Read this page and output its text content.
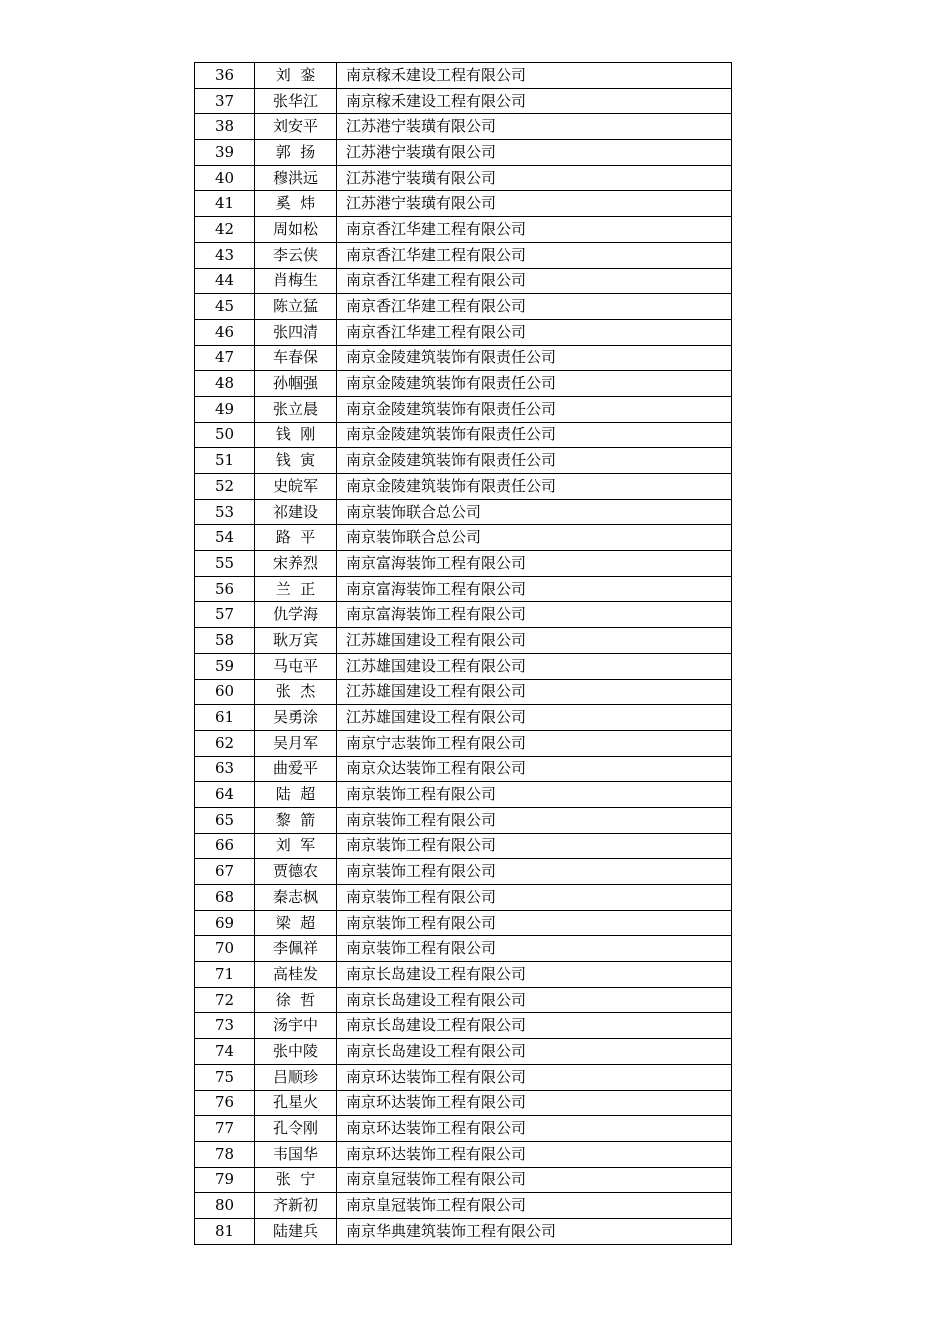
36	刘  銮	南京稼禾建设工程有限公司
37	张华江	南京稼禾建设工程有限公司
38	刘安平	江苏港宁装璜有限公司
39	郭  扬	江苏港宁装璜有限公司
40	穆洪远	江苏港宁装璜有限公司
41	奚  炜	江苏港宁装璜有限公司
42	周如松	南京香江华建工程有限公司
43	李云侠	南京香江华建工程有限公司
44	肖梅生	南京香江华建工程有限公司
45	陈立猛	南京香江华建工程有限公司
46	张四清	南京香江华建工程有限公司
47	车春保	南京金陵建筑装饰有限责任公司
48	孙帼强	南京金陵建筑装饰有限责任公司
49	张立晨	南京金陵建筑装饰有限责任公司
50	钱  刚	南京金陵建筑装饰有限责任公司
51	钱  寅	南京金陵建筑装饰有限责任公司
52	史皖军	南京金陵建筑装饰有限责任公司
53	祁建设	南京装饰联合总公司
54	路  平	南京装饰联合总公司
55	宋养烈	南京富海装饰工程有限公司
56	兰  正	南京富海装饰工程有限公司
57	仇学海	南京富海装饰工程有限公司
58	耿万宾	江苏雄国建设工程有限公司
59	马屯平	江苏雄国建设工程有限公司
60	张  杰	江苏雄国建设工程有限公司
61	吴勇涂	江苏雄国建设工程有限公司
62	吴月军	南京宁志装饰工程有限公司
63	曲爱平	南京众达装饰工程有限公司
64	陆  超	南京装饰工程有限公司
65	黎  箭	南京装饰工程有限公司
66	刘  军	南京装饰工程有限公司
67	贾德农	南京装饰工程有限公司
68	秦志枫	南京装饰工程有限公司
69	梁  超	南京装饰工程有限公司
70	李佩祥	南京装饰工程有限公司
71	高桂发	南京长岛建设工程有限公司
72	徐  哲	南京长岛建设工程有限公司
73	汤宇中	南京长岛建设工程有限公司
74	张中陵	南京长岛建设工程有限公司
75	吕顺珍	南京环达装饰工程有限公司
76	孔星火	南京环达装饰工程有限公司
77	孔令刚	南京环达装饰工程有限公司
78	韦国华	南京环达装饰工程有限公司
79	张  宁	南京皇冠装饰工程有限公司
80	齐新初	南京皇冠装饰工程有限公司
81	陆建兵	南京华典建筑装饰工程有限公司
